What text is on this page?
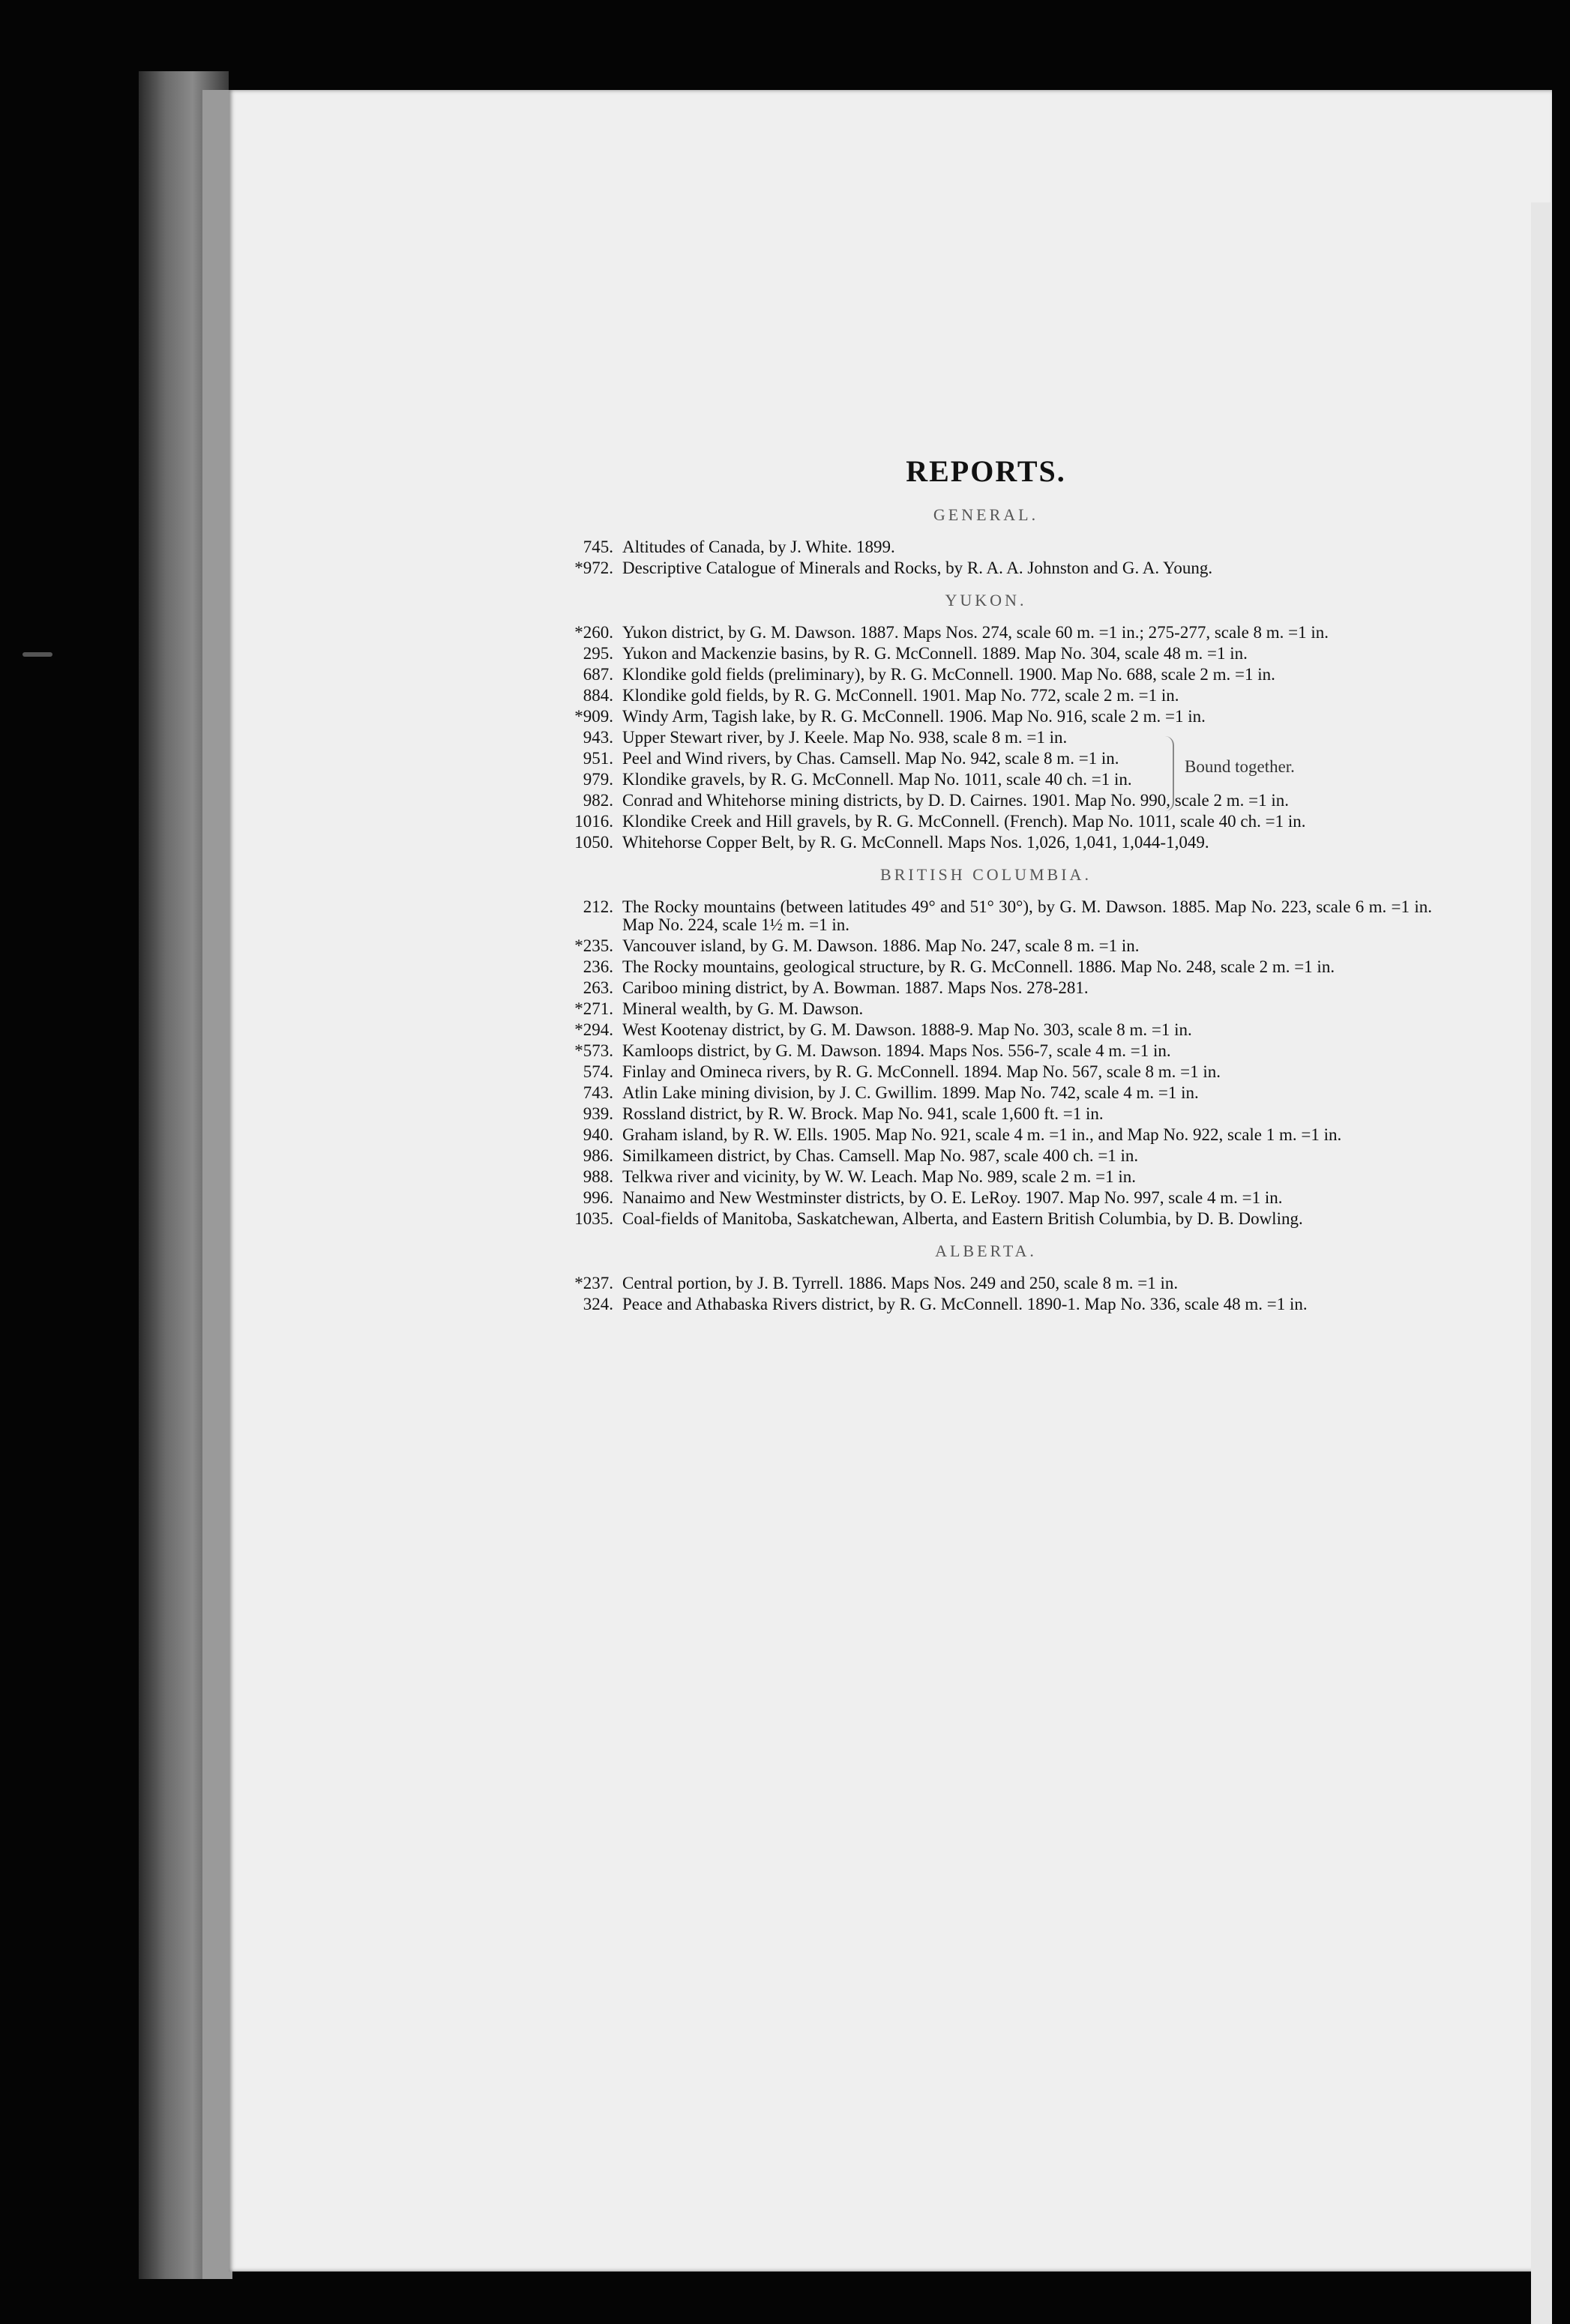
REPORTS.
GENERAL.
745. Altitudes of Canada, by J. White. 1899.
*972. Descriptive Catalogue of Minerals and Rocks, by R. A. A. Johnston and G. A. Young.
YUKON.
*260. Yukon district, by G. M. Dawson. 1887. Maps Nos. 274, scale 60 m. =1 in.; 275-277, scale 8 m. =1 in.
295. Yukon and Mackenzie basins, by R. G. McConnell. 1889. Map No. 304, scale 48 m. =1 in.
687. Klondike gold fields (preliminary), by R. G. McConnell. 1900. Map No. 688, scale 2 m. =1 in.
884. Klondike gold fields, by R. G. McConnell. 1901. Map No. 772, scale 2 m. =1 in.
*909. Windy Arm, Tagish lake, by R. G. McConnell. 1906. Map No. 916, scale 2 m. =1 in.
943. Upper Stewart river, by J. Keele. Map No. 938, scale 8 m. =1 in.
951. Peel and Wind rivers, by Chas. Camsell. Map No. 942, scale 8 m. =1 in.	Bound together.
979. Klondike gravels, by R. G. McConnell. Map No. 1011, scale 40 ch. =1 in.
982. Conrad and Whitehorse mining districts, by D. D. Cairnes. 1901. Map No. 990, scale 2 m. =1 in.
1016. Klondike Creek and Hill gravels, by R. G. McConnell. (French). Map No. 1011, scale 40 ch. =1 in.
1050. Whitehorse Copper Belt, by R. G. McConnell. Maps Nos. 1,026, 1,041, 1,044-1,049.
BRITISH COLUMBIA.
212. The Rocky mountains (between latitudes 49° and 51° 30°), by G. M. Dawson. 1885. Map No. 223, scale 6 m. =1 in. Map No. 224, scale 1½ m. =1 in.
*235. Vancouver island, by G. M. Dawson. 1886. Map No. 247, scale 8 m. =1 in.
236. The Rocky mountains, geological structure, by R. G. McConnell. 1886. Map No. 248, scale 2 m. =1 in.
263. Cariboo mining district, by A. Bowman. 1887. Maps Nos. 278-281.
*271. Mineral wealth, by G. M. Dawson.
*294. West Kootenay district, by G. M. Dawson. 1888-9. Map No. 303, scale 8 m. =1 in.
*573. Kamloops district, by G. M. Dawson. 1894. Maps Nos. 556-7, scale 4 m. =1 in.
574. Finlay and Omineca rivers, by R. G. McConnell. 1894. Map No. 567, scale 8 m. =1 in.
743. Atlin Lake mining division, by J. C. Gwillim. 1899. Map No. 742, scale 4 m. =1 in.
939. Rossland district, by R. W. Brock. Map No. 941, scale 1,600 ft. =1 in.
940. Graham island, by R. W. Ells. 1905. Map No. 921, scale 4 m. =1 in., and Map No. 922, scale 1 m. =1 in.
986. Similkameen district, by Chas. Camsell. Map No. 987, scale 400 ch. =1 in.
988. Telkwa river and vicinity, by W. W. Leach. Map No. 989, scale 2 m. =1 in.
996. Nanaimo and New Westminster districts, by O. E. LeRoy. 1907. Map No. 997, scale 4 m. =1 in.
1035. Coal-fields of Manitoba, Saskatchewan, Alberta, and Eastern British Columbia, by D. B. Dowling.
ALBERTA.
*237. Central portion, by J. B. Tyrrell. 1886. Maps Nos. 249 and 250, scale 8 m. =1 in.
324. Peace and Athabaska Rivers district, by R. G. McConnell. 1890-1. Map No. 336, scale 48 m. =1 in.
